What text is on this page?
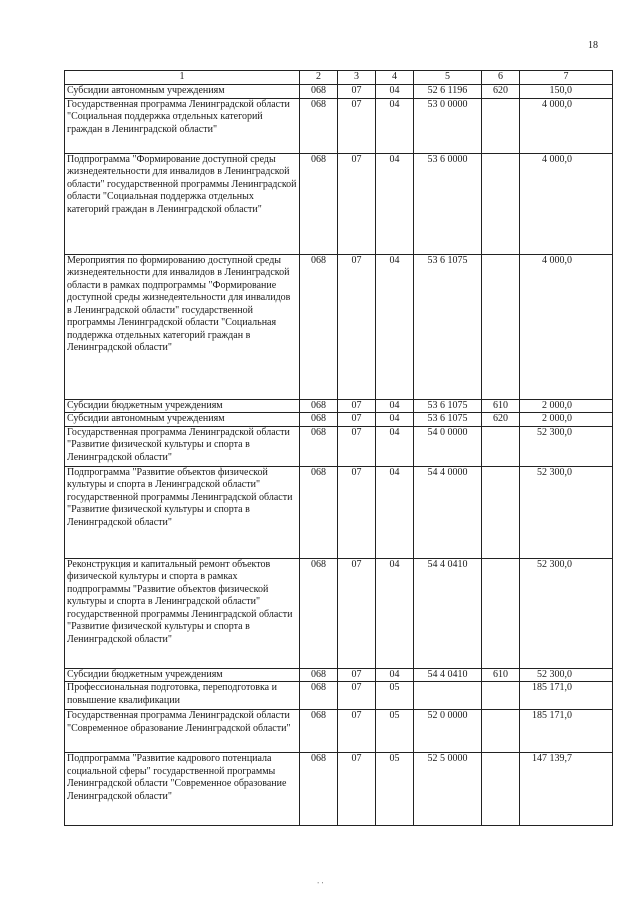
18
1	2	3	4	5	6	7
Субсидии автономным учреждениям	068	07	04	52 6 1196	620	150,0
Государственная программа Ленинградской области "Социальная поддержка отдельных категорий граждан в Ленинградской области"	068	07	04	53 0 0000		4 000,0
Подпрограмма "Формирование доступной среды жизнедеятельности для инвалидов в Ленинградской области" государственной программы Ленинградской области "Социальная поддержка отдельных категорий граждан в Ленинградской области"	068	07	04	53 6 0000		4 000,0
Мероприятия по формированию доступной среды жизнедеятельности для инвалидов в Ленинградской области в рамках подпрограммы "Формирование доступной среды жизнедеятельности для инвалидов в Ленинградской области" государственной программы Ленинградской области "Социальная поддержка отдельных категорий граждан в Ленинградской области"	068	07	04	53 6 1075		4 000,0
Субсидии бюджетным учреждениям	068	07	04	53 6 1075	610	2 000,0
Субсидии автономным учреждениям	068	07	04	53 6 1075	620	2 000,0
Государственная программа Ленинградской области "Развитие физической культуры и спорта в Ленинградской области"	068	07	04	54 0 0000		52 300,0
Подпрограмма "Развитие объектов физической культуры и спорта в Ленинградской области" государственной программы Ленинградской области "Развитие физической культуры и спорта в Ленинградской области"	068	07	04	54 4 0000		52 300,0
Реконструкция и капитальный ремонт объектов физической культуры и спорта в рамках подпрограммы "Развитие объектов физической культуры и спорта в Ленинградской области" государственной программы Ленинградской области "Развитие физической культуры и спорта в Ленинградской области"	068	07	04	54 4 0410		52 300,0
Субсидии бюджетным учреждениям	068	07	04	54 4 0410	610	52 300,0
Профессиональная подготовка, переподготовка и повышение квалификации	068	07	05			185 171,0
Государственная программа Ленинградской области "Современное образование Ленинградской области"	068	07	05	52 0 0000		185 171,0
Подпрограмма "Развитие кадрового потенциала социальной сферы" государственной программы Ленинградской области "Современное образование Ленинградской области"	068	07	05	52 5 0000		147 139,7
٠٠
